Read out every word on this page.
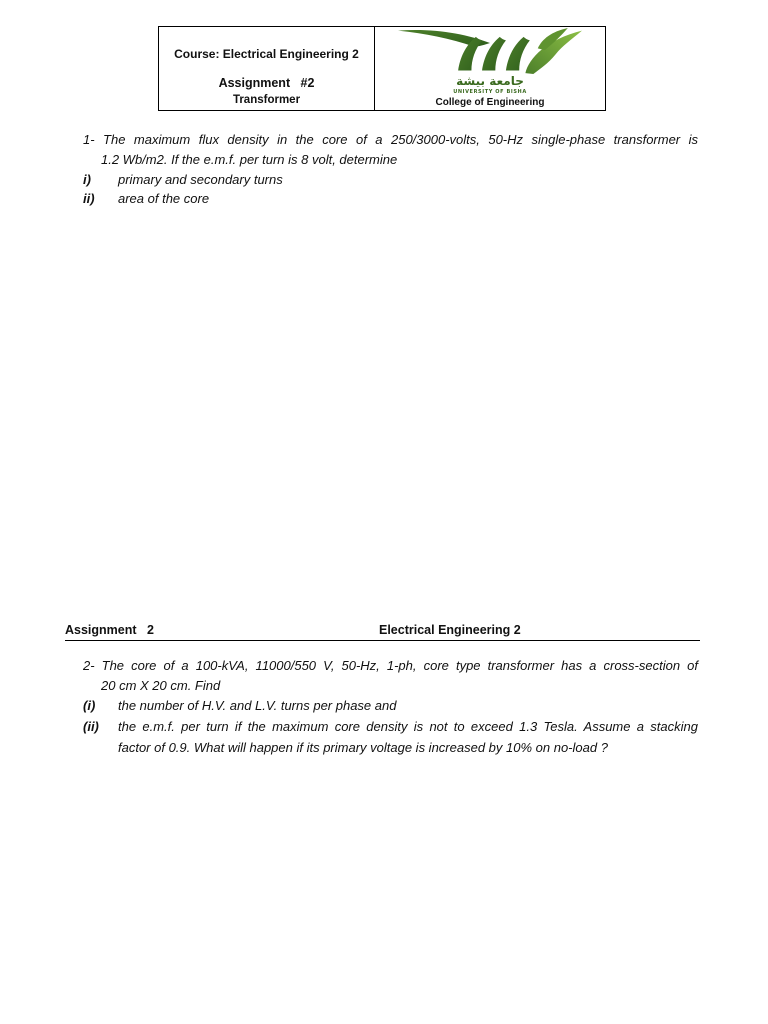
Course: Electrical Engineering 2
Assignment   #2
Transformer
جامعة بيشة
UNIVERSITY OF BISHA
College of Engineering
1- The maximum flux density in the core of a 250/3000-volts, 50-Hz single-phase transformer is
1.2 Wb/m2. If the e.m.f. per turn is 8 volt, determine
i) primary and secondary turns
ii) area of the core
Assignment   2	Electrical Engineering 2
2- The core of a 100-kVA, 11000/550 V, 50-Hz, 1-ph, core type transformer has a cross-section of
20 cm X 20 cm. Find
(i) the number of H.V. and L.V. turns per phase and
(ii) the e.m.f. per turn if the maximum core density is not to exceed 1.3 Tesla. Assume a stacking
factor of 0.9. What will happen if its primary voltage is increased by 10% on no-load ?
